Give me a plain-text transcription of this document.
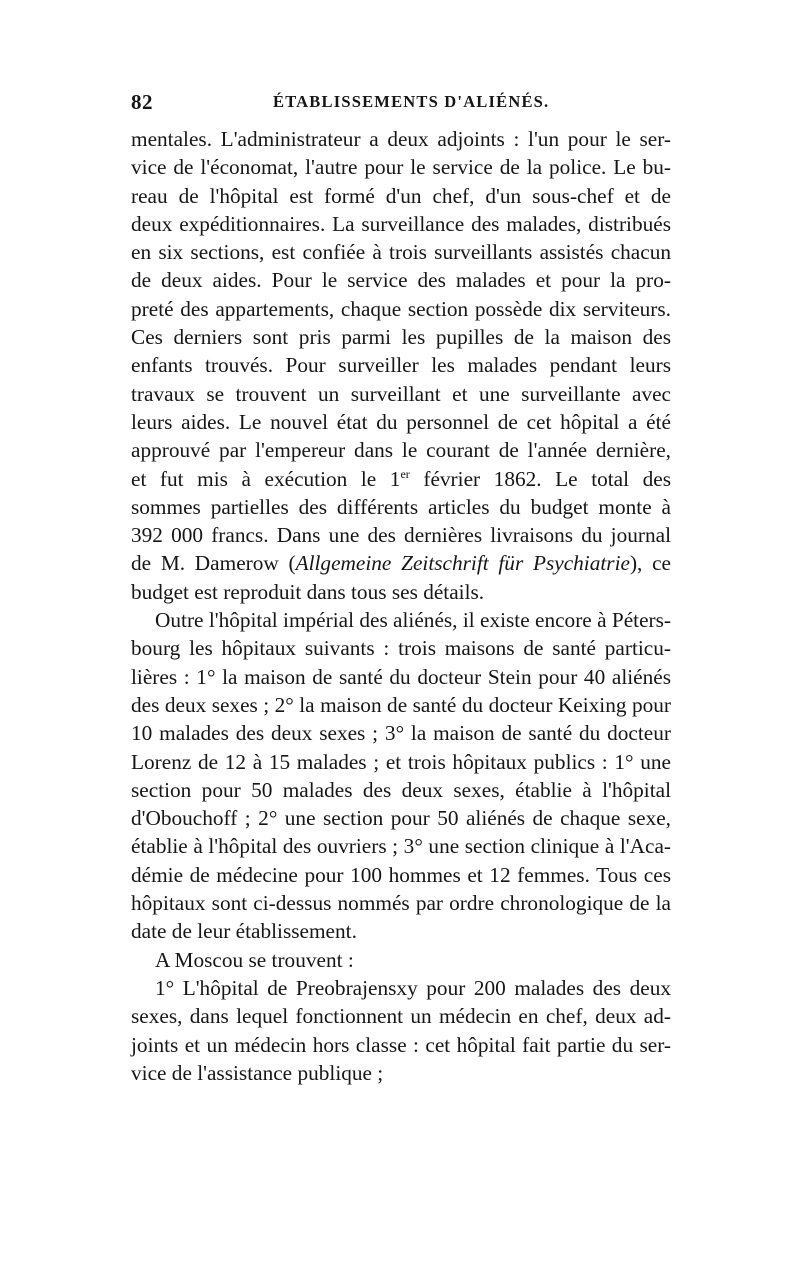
82	ÉTABLISSEMENTS D'ALIÉNÉS.
mentales. L'administrateur a deux adjoints : l'un pour le ser-
vice de l'économat, l'autre pour le service de la police. Le bu-
reau de l'hôpital est formé d'un chef, d'un sous-chef et de
deux expéditionnaires. La surveillance des malades, distribués
en six sections, est confiée à trois surveillants assistés chacun
de deux aides. Pour le service des malades et pour la pro-
preté des appartements, chaque section possède dix serviteurs.
Ces derniers sont pris parmi les pupilles de la maison des
enfants trouvés. Pour surveiller les malades pendant leurs
travaux se trouvent un surveillant et une surveillante avec
leurs aides. Le nouvel état du personnel de cet hôpital a été
approuvé par l'empereur dans le courant de l'année dernière,
et fut mis à exécution le 1er février 1862. Le total des
sommes partielles des différents articles du budget monte à
392 000 francs. Dans une des dernières livraisons du journal
de M. Damerow (Allgemeine Zeitschrift für Psychiatrie), ce
budget est reproduit dans tous ses détails.
Outre l'hôpital impérial des aliénés, il existe encore à Péters-
bourg les hôpitaux suivants : trois maisons de santé particu-
lières : 1° la maison de santé du docteur Stein pour 40 aliénés
des deux sexes ; 2° la maison de santé du docteur Keixing pour
10 malades des deux sexes ; 3° la maison de santé du docteur
Lorenz de 12 à 15 malades ; et trois hôpitaux publics : 1° une
section pour 50 malades des deux sexes, établie à l'hôpital
d'Obouchoff ; 2° une section pour 50 aliénés de chaque sexe,
établie à l'hôpital des ouvriers ; 3° une section clinique à l'Aca-
démie de médecine pour 100 hommes et 12 femmes. Tous ces
hôpitaux sont ci-dessus nommés par ordre chronologique de la
date de leur établissement.
A Moscou se trouvent :
1° L'hôpital de Preobrajensxy pour 200 malades des deux
sexes, dans lequel fonctionnent un médecin en chef, deux ad-
joints et un médecin hors classe : cet hôpital fait partie du ser-
vice de l'assistance publique ;
